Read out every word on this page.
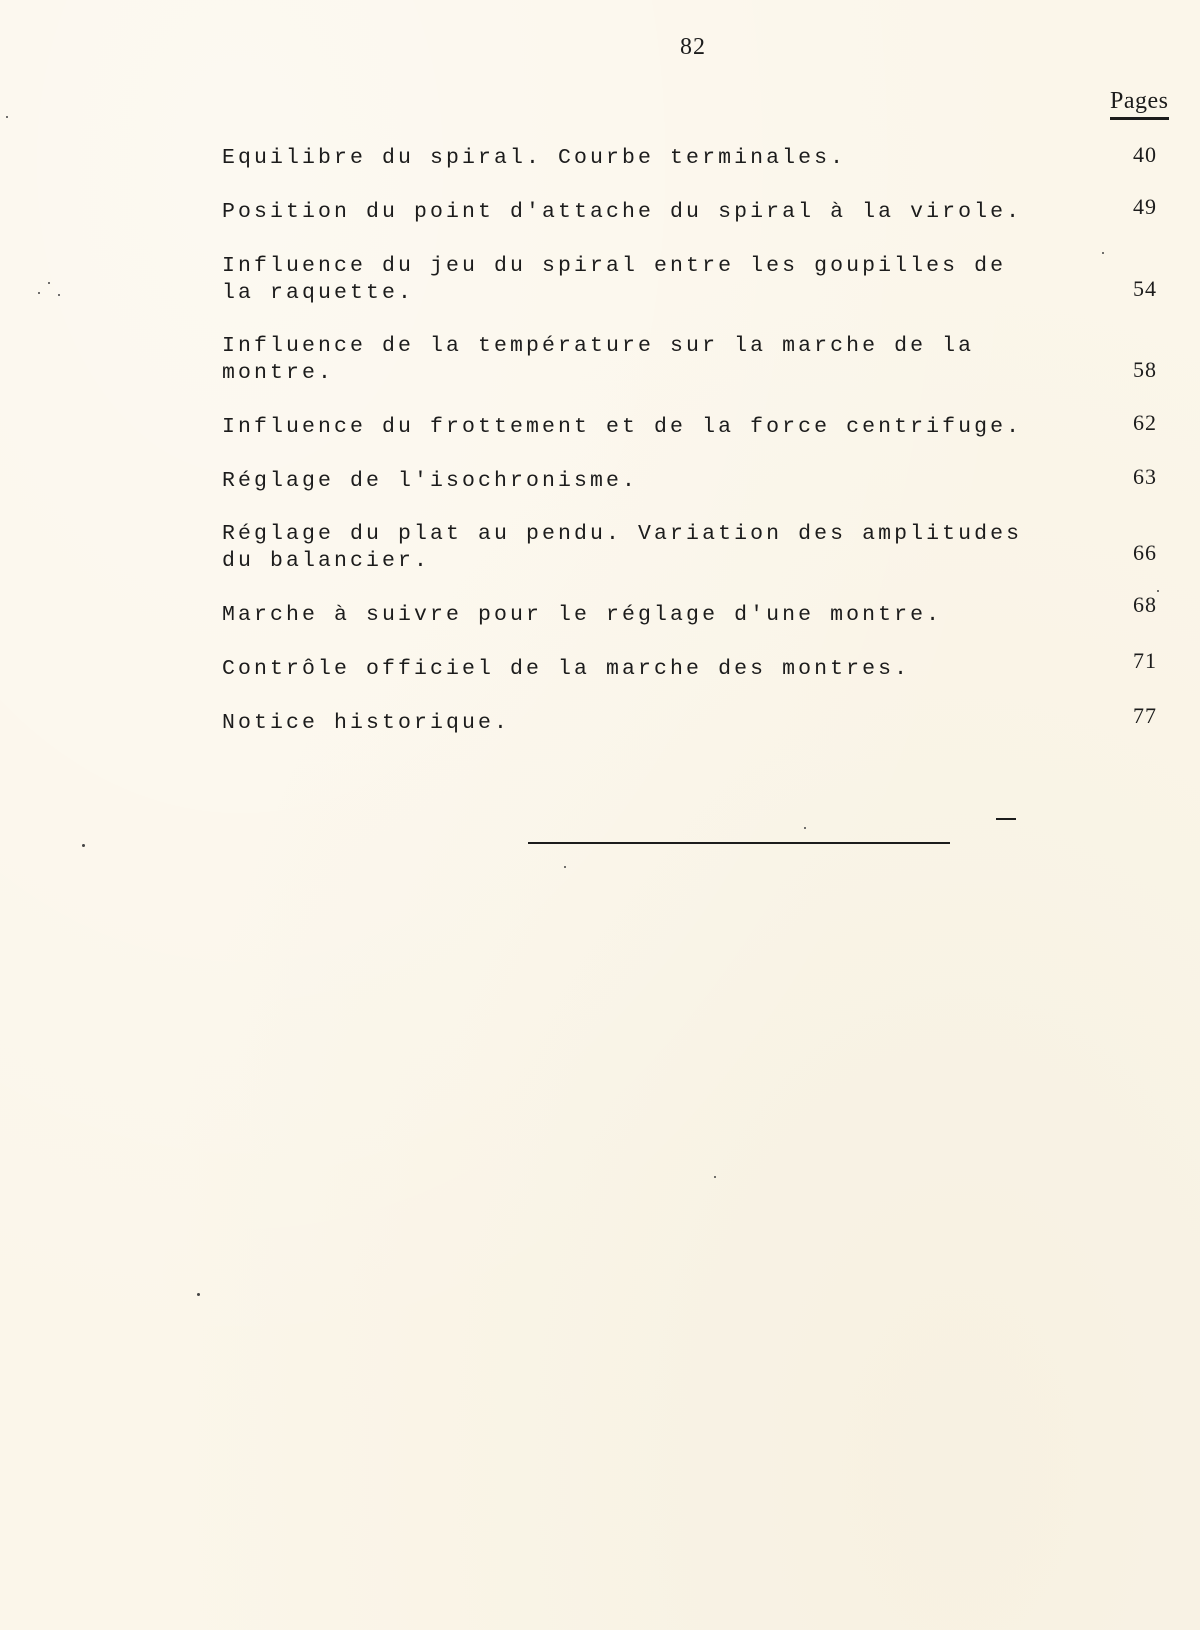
82
Pages
Equilibre du spiral. Courbe terminales.	40
Position du point d'attache du spiral à la virole.	49
Influence du jeu du spiral entre les goupilles de
la raquette.	54
Influence de la température sur la marche de la
montre.	58
Influence du frottement et de la force centrifuge.	62
Réglage de l'isochronisme.	63
Réglage du plat au pendu. Variation des amplitudes
du balancier.	66
Marche à suivre pour le réglage d'une montre.	68
Contrôle officiel de la marche des montres.	71
Notice historique.	77
